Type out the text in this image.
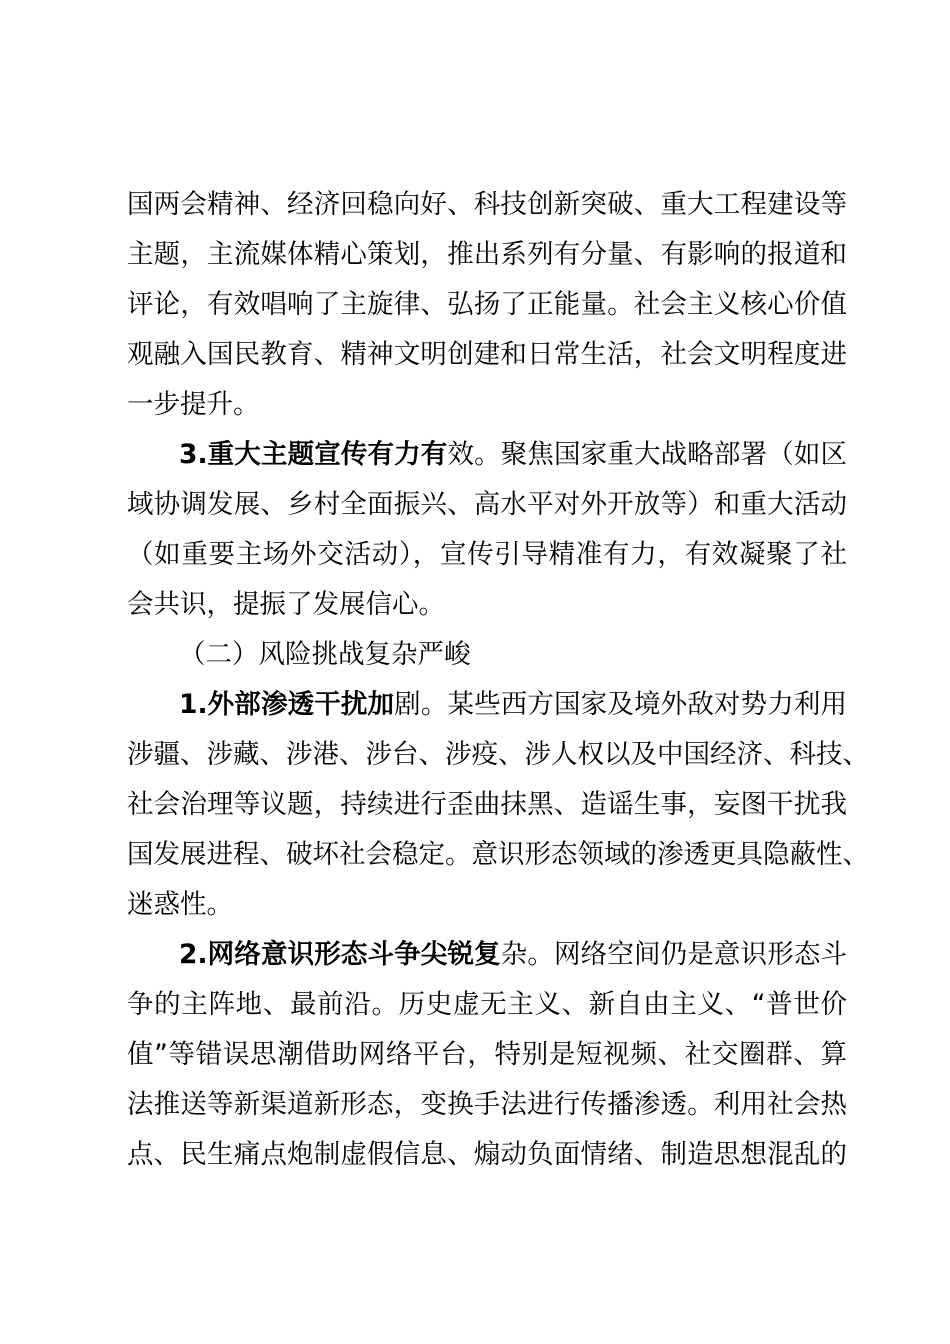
国两会精神、经济回稳向好、科技创新突破、重大工程建设等
主题，主流媒体精心策划，推出系列有分量、有影响的报道和
评论，有效唱响了主旋律、弘扬了正能量。社会主义核心价值
观融入国民教育、精神文明创建和日常生活，社会文明程度进
一步提升。
3.重大主题宣传有力有效。聚焦国家重大战略部署（如区
域协调发展、乡村全面振兴、高水平对外开放等）和重大活动
（如重要主场外交活动），宣传引导精准有力，有效凝聚了社
会共识，提振了发展信心。
（二）风险挑战复杂严峻
1.外部渗透干扰加剧。某些西方国家及境外敌对势力利用
涉疆、涉藏、涉港、涉台、涉疫、涉人权以及中国经济、科技、
社会治理等议题，持续进行歪曲抹黑、造谣生事，妄图干扰我
国发展进程、破坏社会稳定。意识形态领域的渗透更具隐蔽性、
迷惑性。
2.网络意识形态斗争尖锐复杂。网络空间仍是意识形态斗
争的主阵地、最前沿。历史虚无主义、新自由主义、“普世价
值”等错误思潮借助网络平台，特别是短视频、社交圈群、算
法推送等新渠道新形态，变换手法进行传播渗透。利用社会热
点、民生痛点炮制虚假信息、煽动负面情绪、制造思想混乱的
